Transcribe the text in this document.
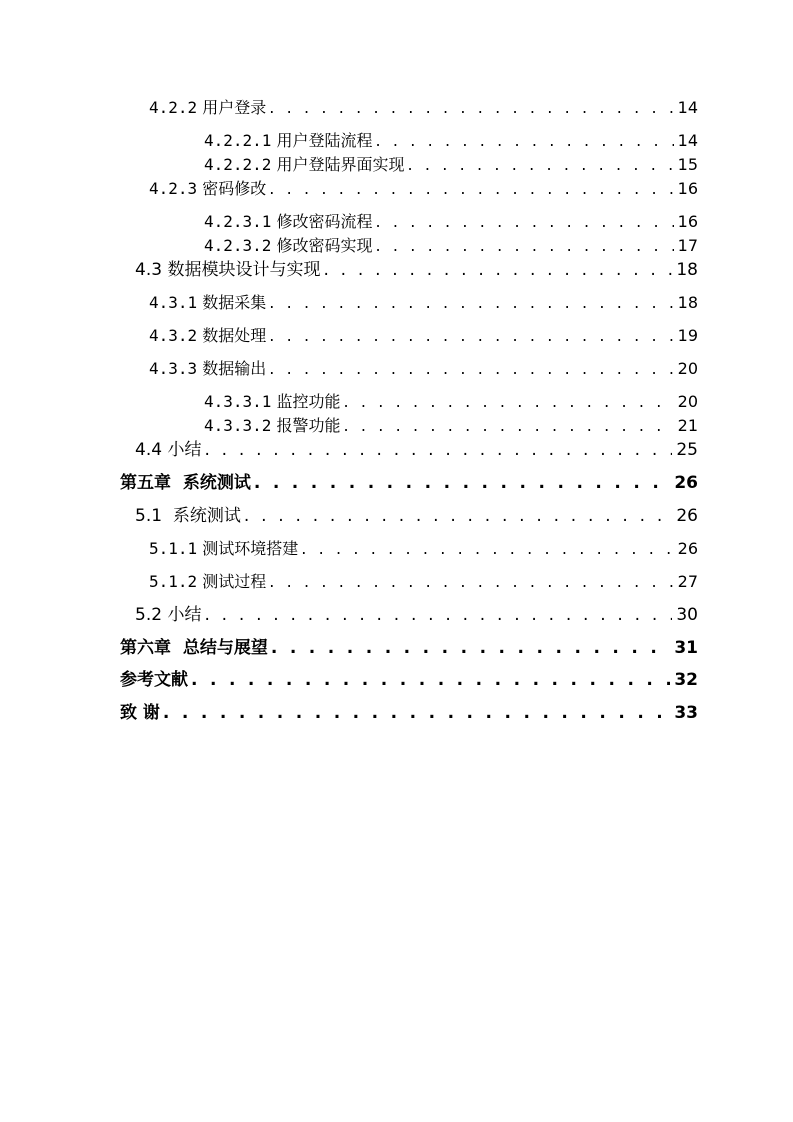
4.2.2 用户登录 . . .	14
4.2.2.1 用户登陆流程 . . .	14
4.2.2.2 用户登陆界面实现 . . .	15
4.2.3 密码修改 . . .	16
4.2.3.1 修改密码流程 . . .	16
4.2.3.2 修改密码实现 . . .	17
4.3 数据模块设计与实现 . . .	18
4.3.1 数据采集 . . .	18
4.3.2 数据处理 . . .	19
4.3.3 数据输出 . . .	20
4.3.3.1 监控功能 . . .	20
4.3.3.2 报警功能 . . .	21
4.4 小结 . . .	25
第五章 系统测试 . . .	26
5.1 系统测试 . . .	26
5.1.1 测试环境搭建 . . .	26
5.1.2 测试过程 . . .	27
5.2 小结 . . .	30
第六章 总结与展望 . . .	31
参考文献 . . .	32
致 谢 . . .	33
